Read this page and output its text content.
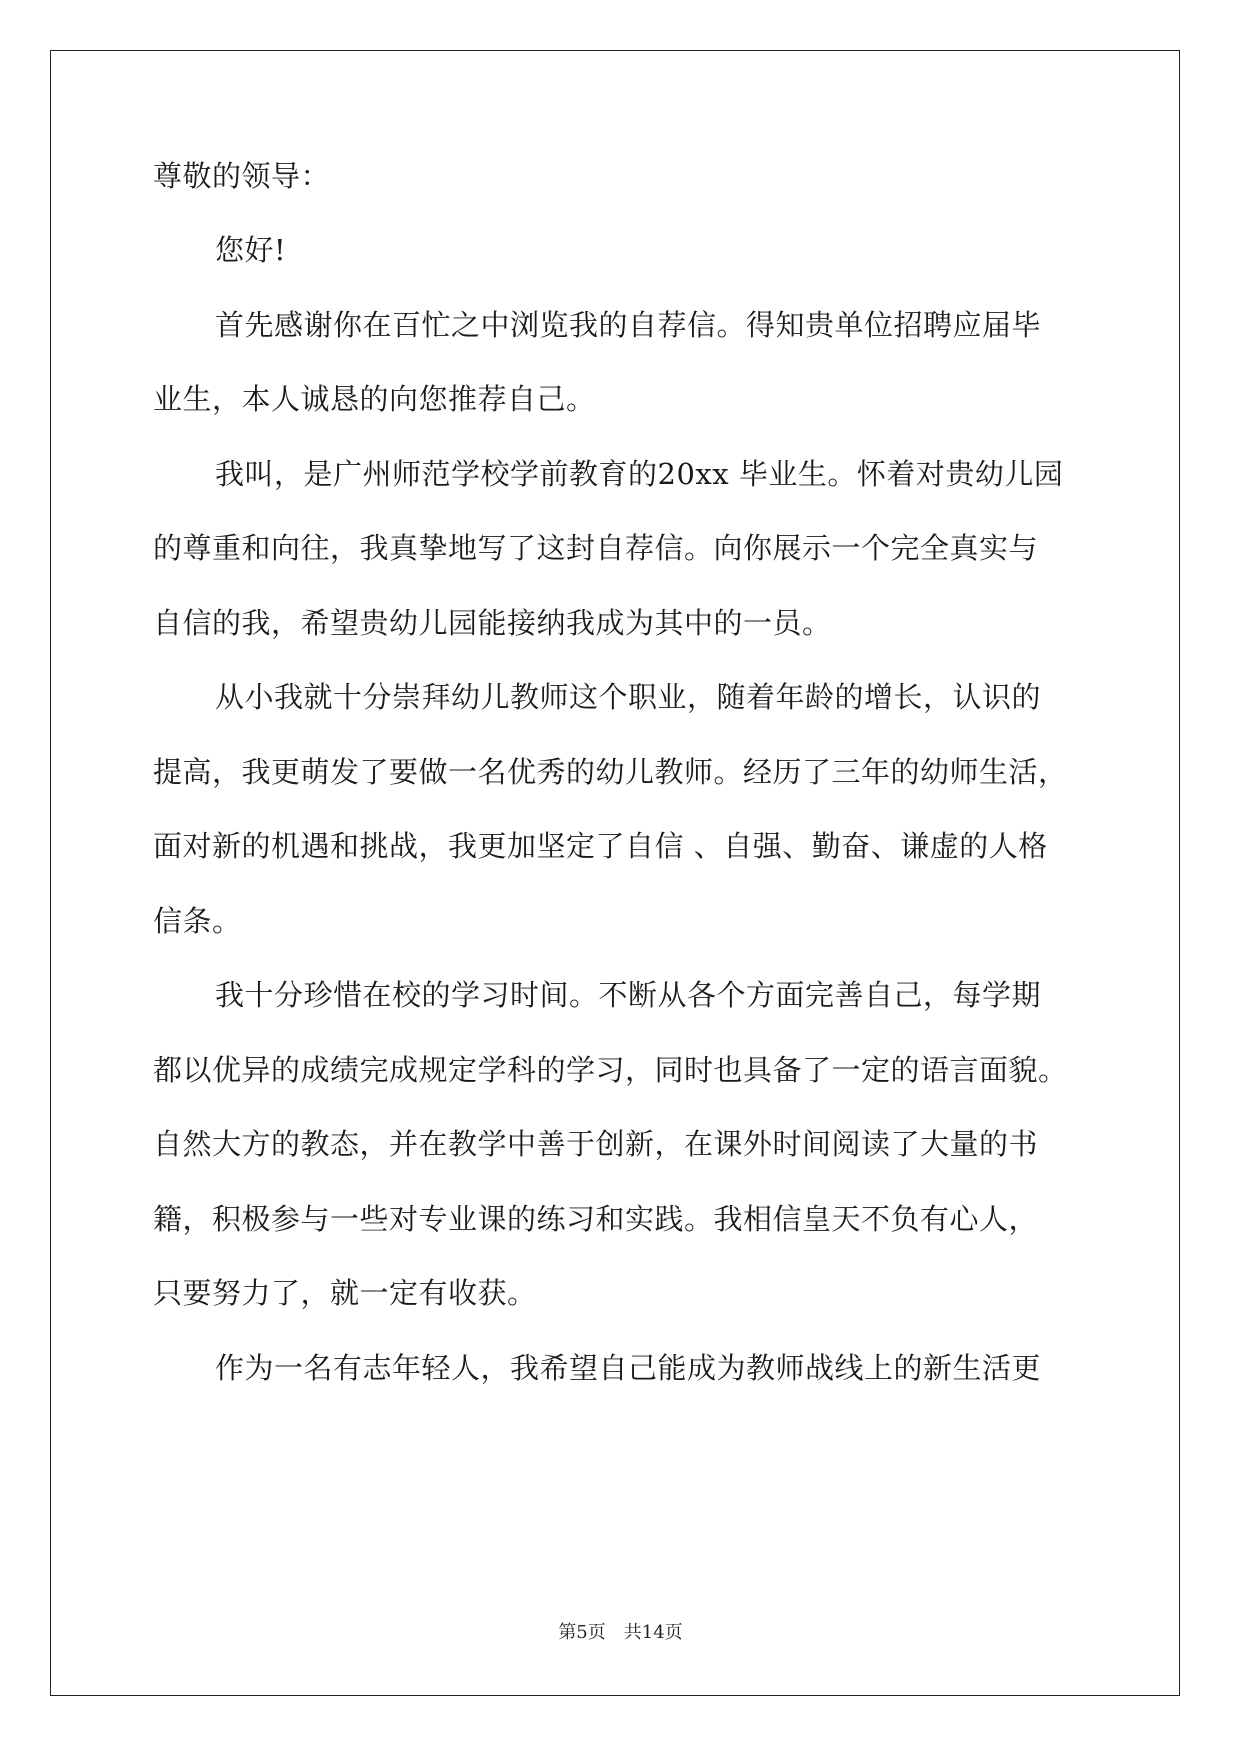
尊敬的领导：
您好!
首先感谢你在百忙之中浏览我的自荐信。得知贵单位招聘应届毕
业生，本人诚恳的向您推荐自己。
我叫，是广州师范学校学前教育的20xx 毕业生。怀着对贵幼儿园
的尊重和向往，我真挚地写了这封自荐信。向你展示一个完全真实与
自信的我，希望贵幼儿园能接纳我成为其中的一员。
从小我就十分崇拜幼儿教师这个职业，随着年龄的增长，认识的
提高，我更萌发了要做一名优秀的幼儿教师。经历了三年的幼师生活，
面对新的机遇和挑战，我更加坚定了自信 、自强、勤奋、谦虚的人格
信条。
我十分珍惜在校的学习时间。不断从各个方面完善自己，每学期
都以优异的成绩完成规定学科的学习，同时也具备了一定的语言面貌。
自然大方的教态，并在教学中善于创新，在课外时间阅读了大量的书
籍，积极参与一些对专业课的练习和实践。我相信皇天不负有心人，
只要努力了，就一定有收获。
作为一名有志年轻人，我希望自己能成为教师战线上的新生活更
第5页 共14页
